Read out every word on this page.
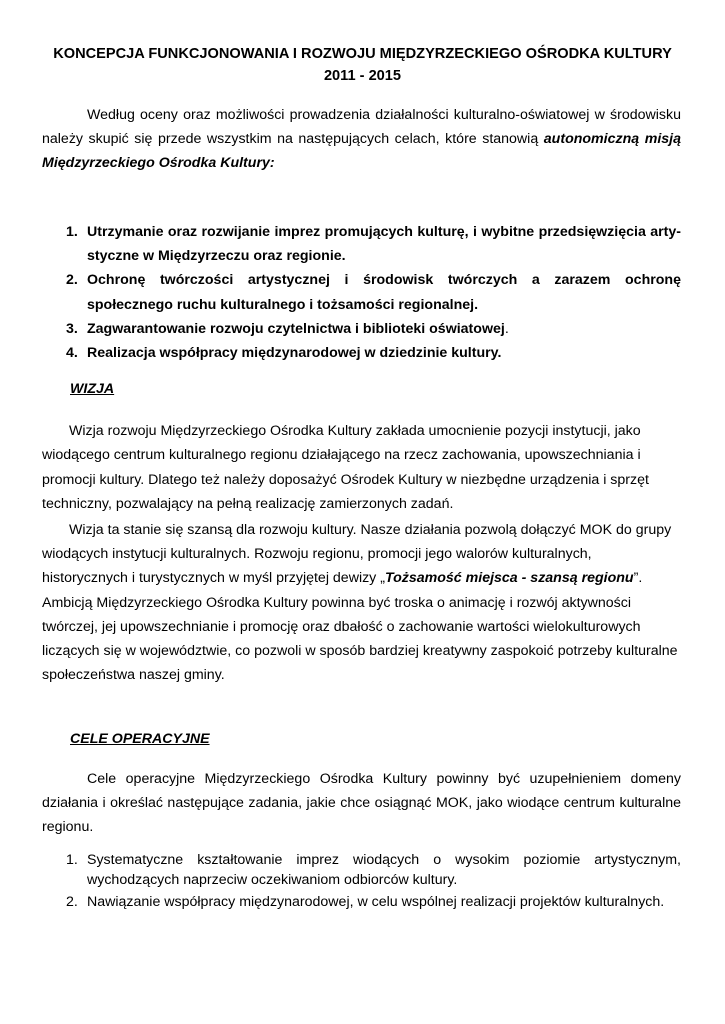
KONCEPCJA FUNKCJONOWANIA I ROZWOJU MIĘDZYRZECKIEGO OŚRODKA KULTURY
2011 - 2015

Według oceny oraz możliwości prowadzenia działalności kulturalno-oświatowej w środowisku należy skupić się przede wszystkim na następujących celach, które stanowią autonomiczną misją Międzyrzeckiego Ośrodka Kultury:

1. Utrzymanie oraz rozwijanie imprez promujących kulturę, i wybitne przedsięwzięcia arty-styczne w Międzyrzeczu oraz regionie.
2. Ochronę twórczości artystycznej i środowisk twórczych a zarazem ochronę społecznego ruchu kulturalnego i tożsamości regionalnej.
3. Zagwarantowanie rozwoju czytelnictwa i biblioteki oświatowej.
4. Realizacja współpracy międzynarodowej w dziedzinie kultury.
WIZJA

Wizja rozwoju Międzyrzeckiego Ośrodka Kultury zakłada umocnienie pozycji instytucji, jako wiodącego centrum kulturalnego regionu działającego na rzecz zachowania, upowszechniania i promocji kultury. Dlatego też należy doposażyć Ośrodek Kultury w niezbędne urządzenia i sprzęt techniczny, pozwalający na pełną realizację zamierzonych zadań.

Wizja ta stanie się szansą dla rozwoju kultury. Nasze działania pozwolą dołączyć MOK do grupy wiodących instytucji kulturalnych. Rozwoju regionu, promocji jego walorów kulturalnych, historycznych i turystycznych w myśl przyjętej dewizy „Tożsamość miejsca - szansą regionu”. Ambicją Międzyrzeckiego Ośrodka Kultury powinna być troska o animację i rozwój aktywności twórczej, jej upowszechnianie i promocję oraz dbałość o zachowanie wartości wielokulturowych liczących się w województwie, co pozwoli w sposób bardziej kreatywny zaspokoić potrzeby kulturalne społeczeństwa naszej gminy.

CELE OPERACYJNE

Cele operacyjne Międzyrzeckiego Ośrodka Kultury powinny być uzupełnieniem domeny działania i określać następujące zadania, jakie chce osiągnąć MOK, jako wiodące centrum kulturalne regionu.

1. Systematyczne kształtowanie imprez wiodących o wysokim poziomie artystycznym, wychodzących naprzeciw oczekiwaniom odbiorców kultury.
2. Nawiązanie współpracy międzynarodowej, w celu wspólnej realizacji projektów kulturalnych.
